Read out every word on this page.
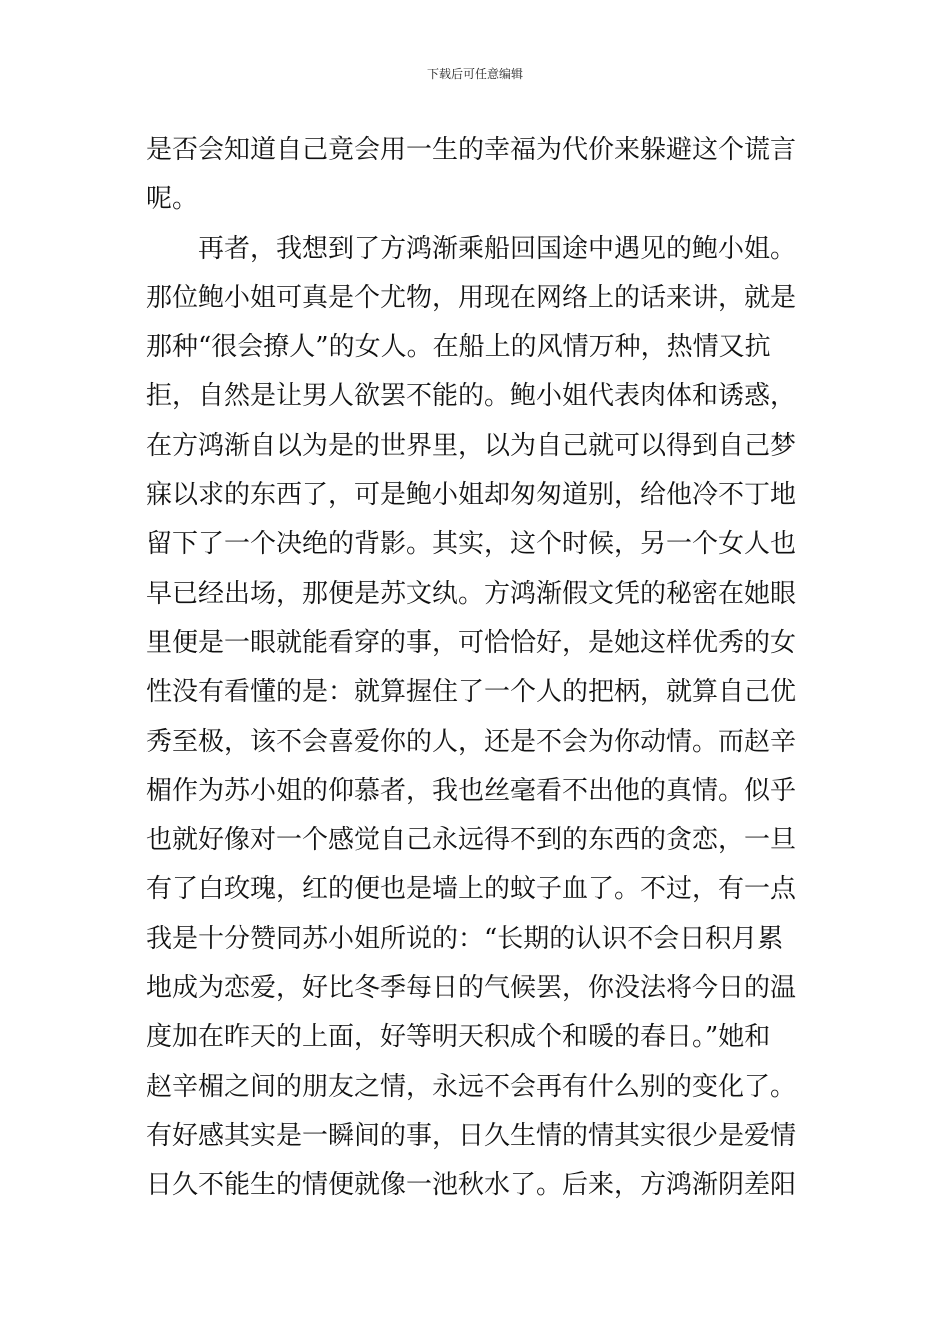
下载后可任意编辑
是否会知道自己竟会用一生的幸福为代价来躲避这个谎言
呢。
　　再者，我想到了方鸿渐乘船回国途中遇见的鲍小姐。
那位鲍小姐可真是个尤物，用现在网络上的话来讲，就是
那种“很会撩人”的女人。在船上的风情万种，热情又抗
拒，自然是让男人欲罢不能的。鲍小姐代表肉体和诱惑，
在方鸿渐自以为是的世界里，以为自己就可以得到自己梦
寐以求的东西了，可是鲍小姐却匆匆道别，给他冷不丁地
留下了一个决绝的背影。其实，这个时候，另一个女人也
早已经出场，那便是苏文纨。方鸿渐假文凭的秘密在她眼
里便是一眼就能看穿的事，可恰恰好，是她这样优秀的女
性没有看懂的是：就算握住了一个人的把柄，就算自己优
秀至极，该不会喜爱你的人，还是不会为你动情。而赵辛
楣作为苏小姐的仰慕者，我也丝毫看不出他的真情。似乎
也就好像对一个感觉自己永远得不到的东西的贪恋，一旦
有了白玫瑰，红的便也是墙上的蚊子血了。不过，有一点
我是十分赞同苏小姐所说的：“长期的认识不会日积月累
地成为恋爱，好比冬季每日的气候罢，你没法将今日的温
度加在昨天的上面，好等明天积成个和暖的春日。”她和
赵辛楣之间的朋友之情，永远不会再有什么别的变化了。
有好感其实是一瞬间的事，日久生情的情其实很少是爱情
日久不能生的情便就像一池秋水了。后来，方鸿渐阴差阳
